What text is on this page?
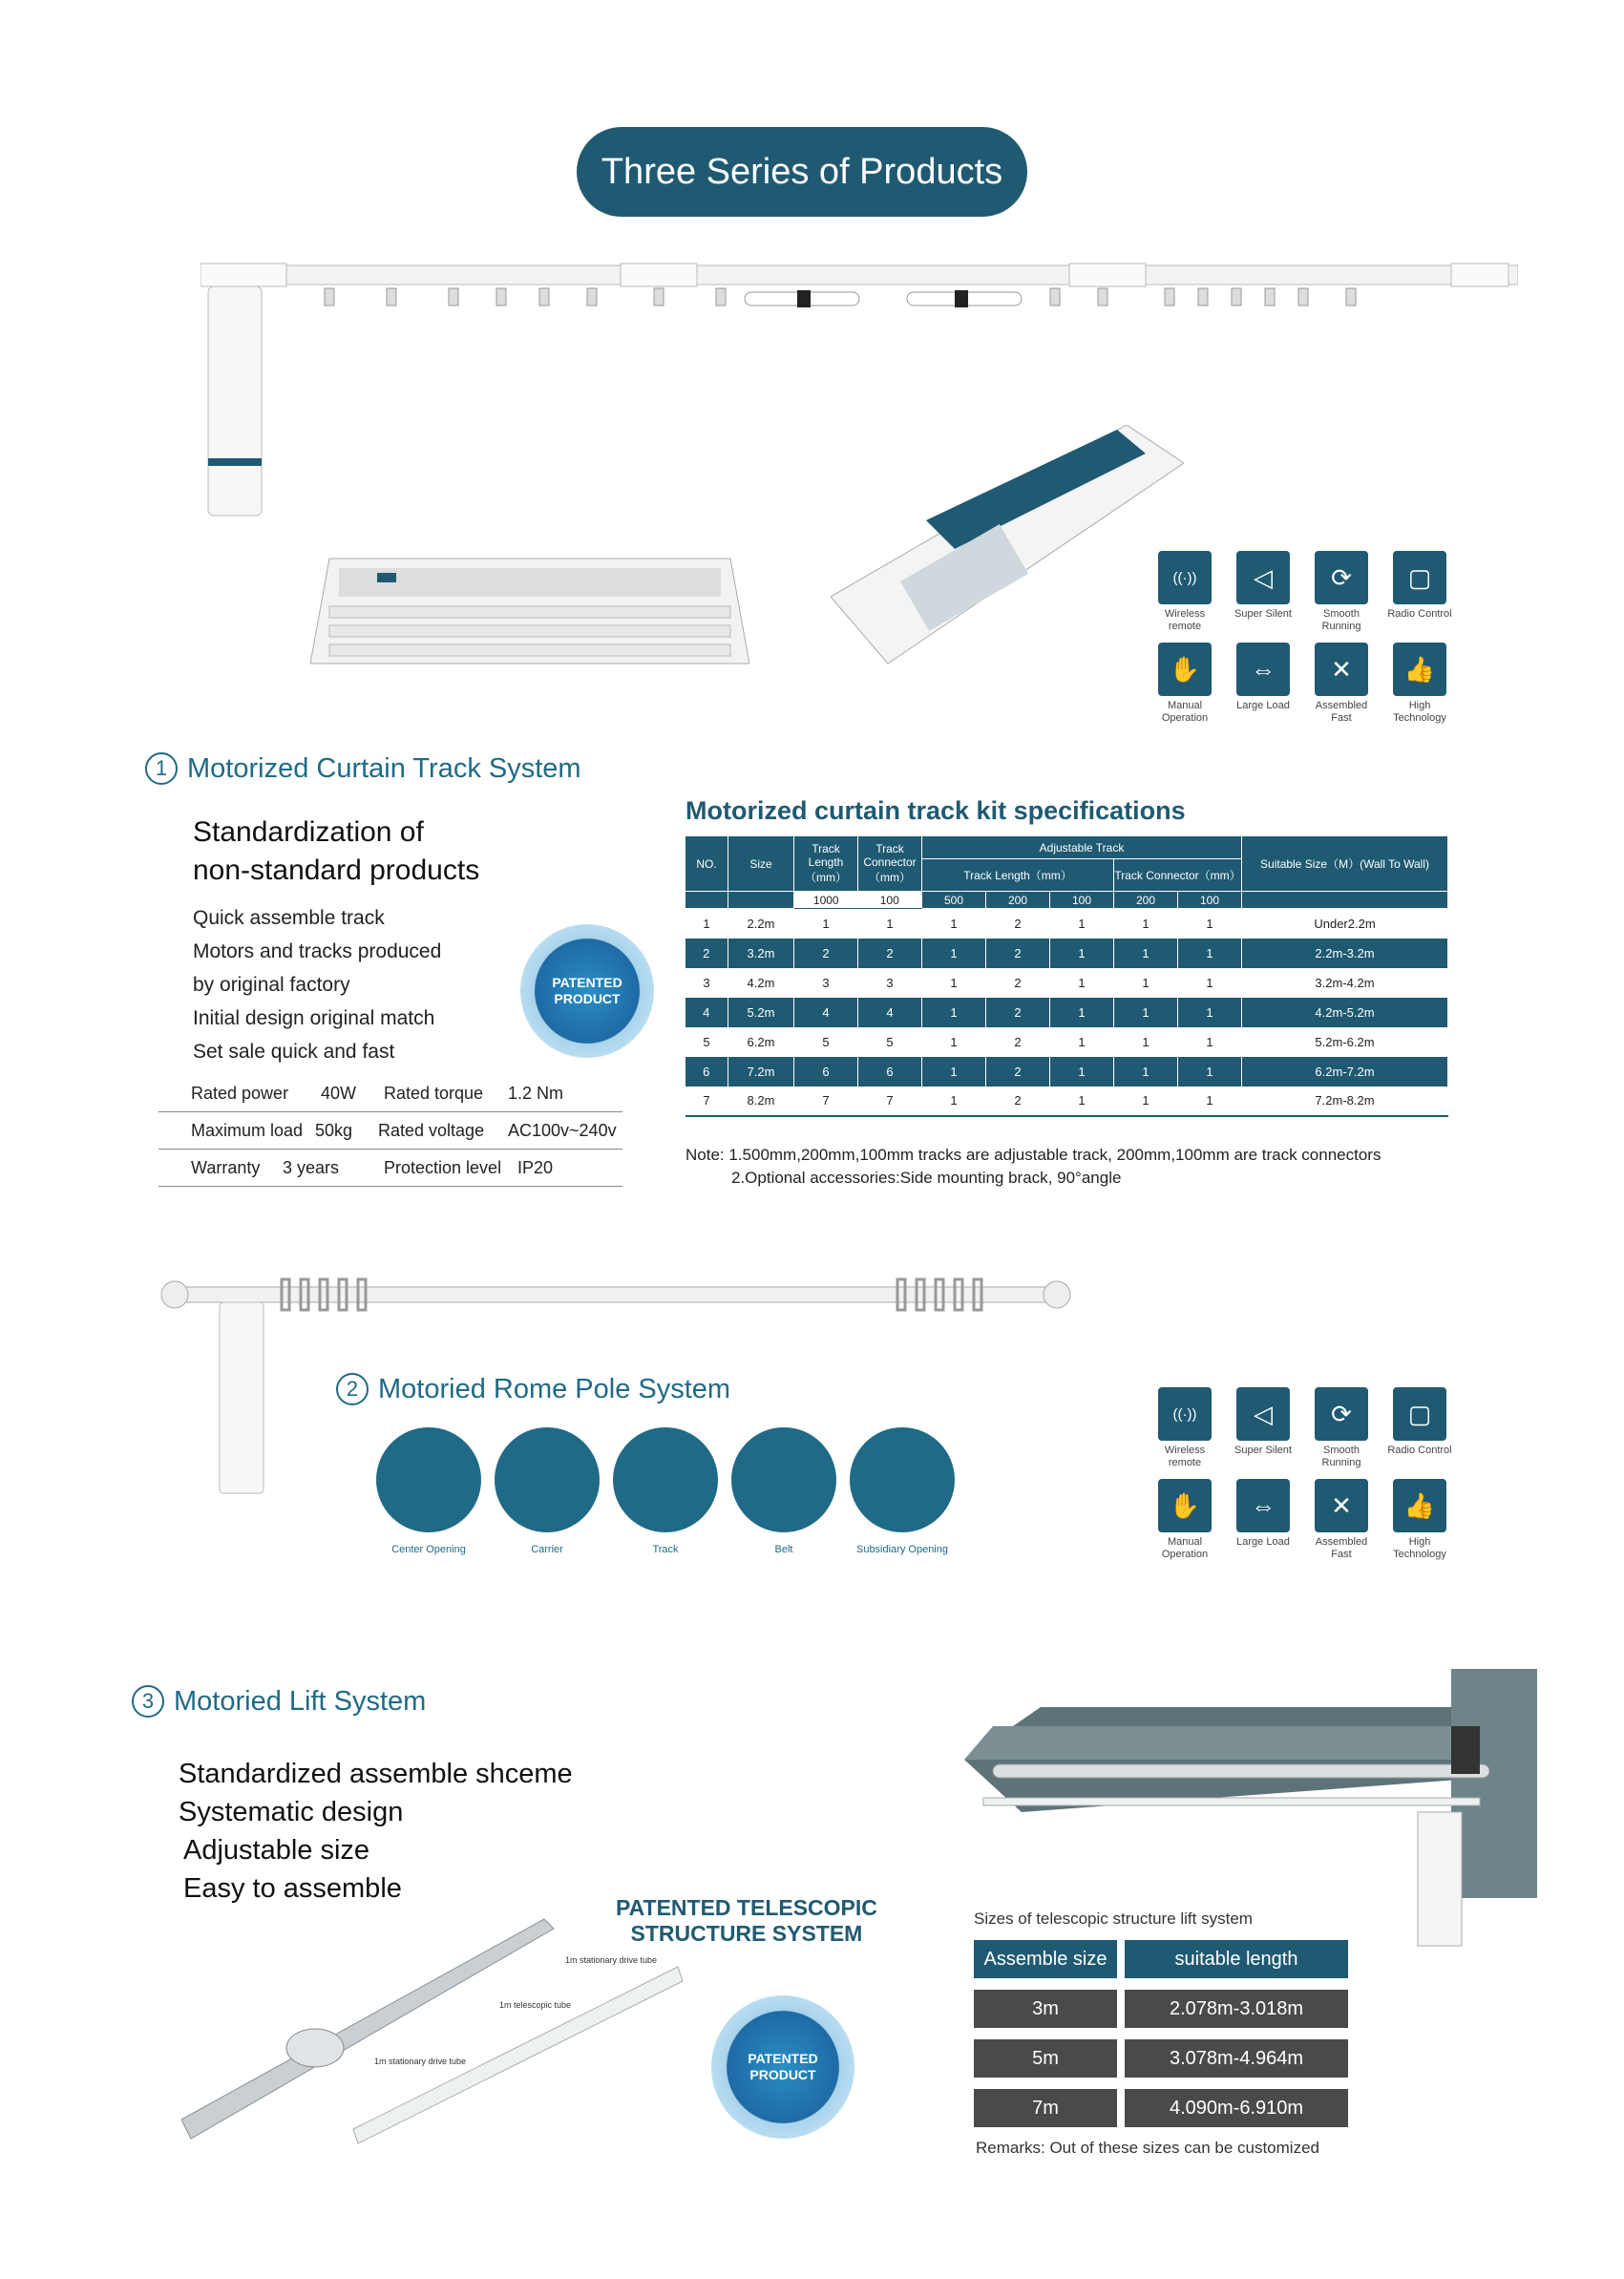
Three Series of Products
((·))
Wireless remote
◁
Super Silent
⟳
Smooth Running
▢
Radio Control
✋
Manual Operation
⇔
Large Load
✕
Assembled Fast
👍
High Technology
1 Motorized Curtain Track System
Standardization of
non-standard products
Quick assemble track
Motors and tracks produced
by original factory
Initial design original match
Set sale quick and fast
PATENTED
PRODUCT
Rated power	40W	Rated torque	1.2 Nm
Maximum load 50kg	Rated voltage	AC100v~240v
Warranty	3 years	Protection level IP20
Motorized curtain track kit specifications
NO.	Size	Track Length（mm）	Track Connector（mm）	Adjustable Track					Suitable Size（M）(Wall To Wall)
				Track Length（mm）			Track Connector（mm）		
		1000	100	500	200	100	200	100	
1	2.2m	1	1	1	2	1	1	1	Under2.2m
2	3.2m	2	2	1	2	1	1	1	2.2m-3.2m
3	4.2m	3	3	1	2	1	1	1	3.2m-4.2m
4	5.2m	4	4	1	2	1	1	1	4.2m-5.2m
5	6.2m	5	5	1	2	1	1	1	5.2m-6.2m
6	7.2m	6	6	1	2	1	1	1	6.2m-7.2m
7	8.2m	7	7	1	2	1	1	1	7.2m-8.2m
Note: 1.500mm,200mm,100mm tracks are adjustable track, 200mm,100mm are track connectors
2.Optional accessories:Side mounting brack, 90°angle
2 Motoried Rome Pole System
Center Opening	Carrier	Track	Belt	Subsidiary Opening
((·))
Wireless remote
◁
Super Silent
⟳
Smooth Running
▢
Radio Control
✋
Manual Operation
⇔
Large Load
✕
Assembled Fast
👍
High Technology
3 Motoried Lift System
Standardized assemble shceme
Systematic design
Adjustable size
Easy to assemble
PATENTED TELESCOPIC
STRUCTURE SYSTEM
1m stationary drive tube
1m telescopic tube
1m stationary drive tube	PATENTED
PRODUCT
Sizes of telescopic structure lift system
Assemble size	suitable length
3m	2.078m-3.018m
5m	3.078m-4.964m
7m	4.090m-6.910m
Remarks: Out of these sizes can be customized
